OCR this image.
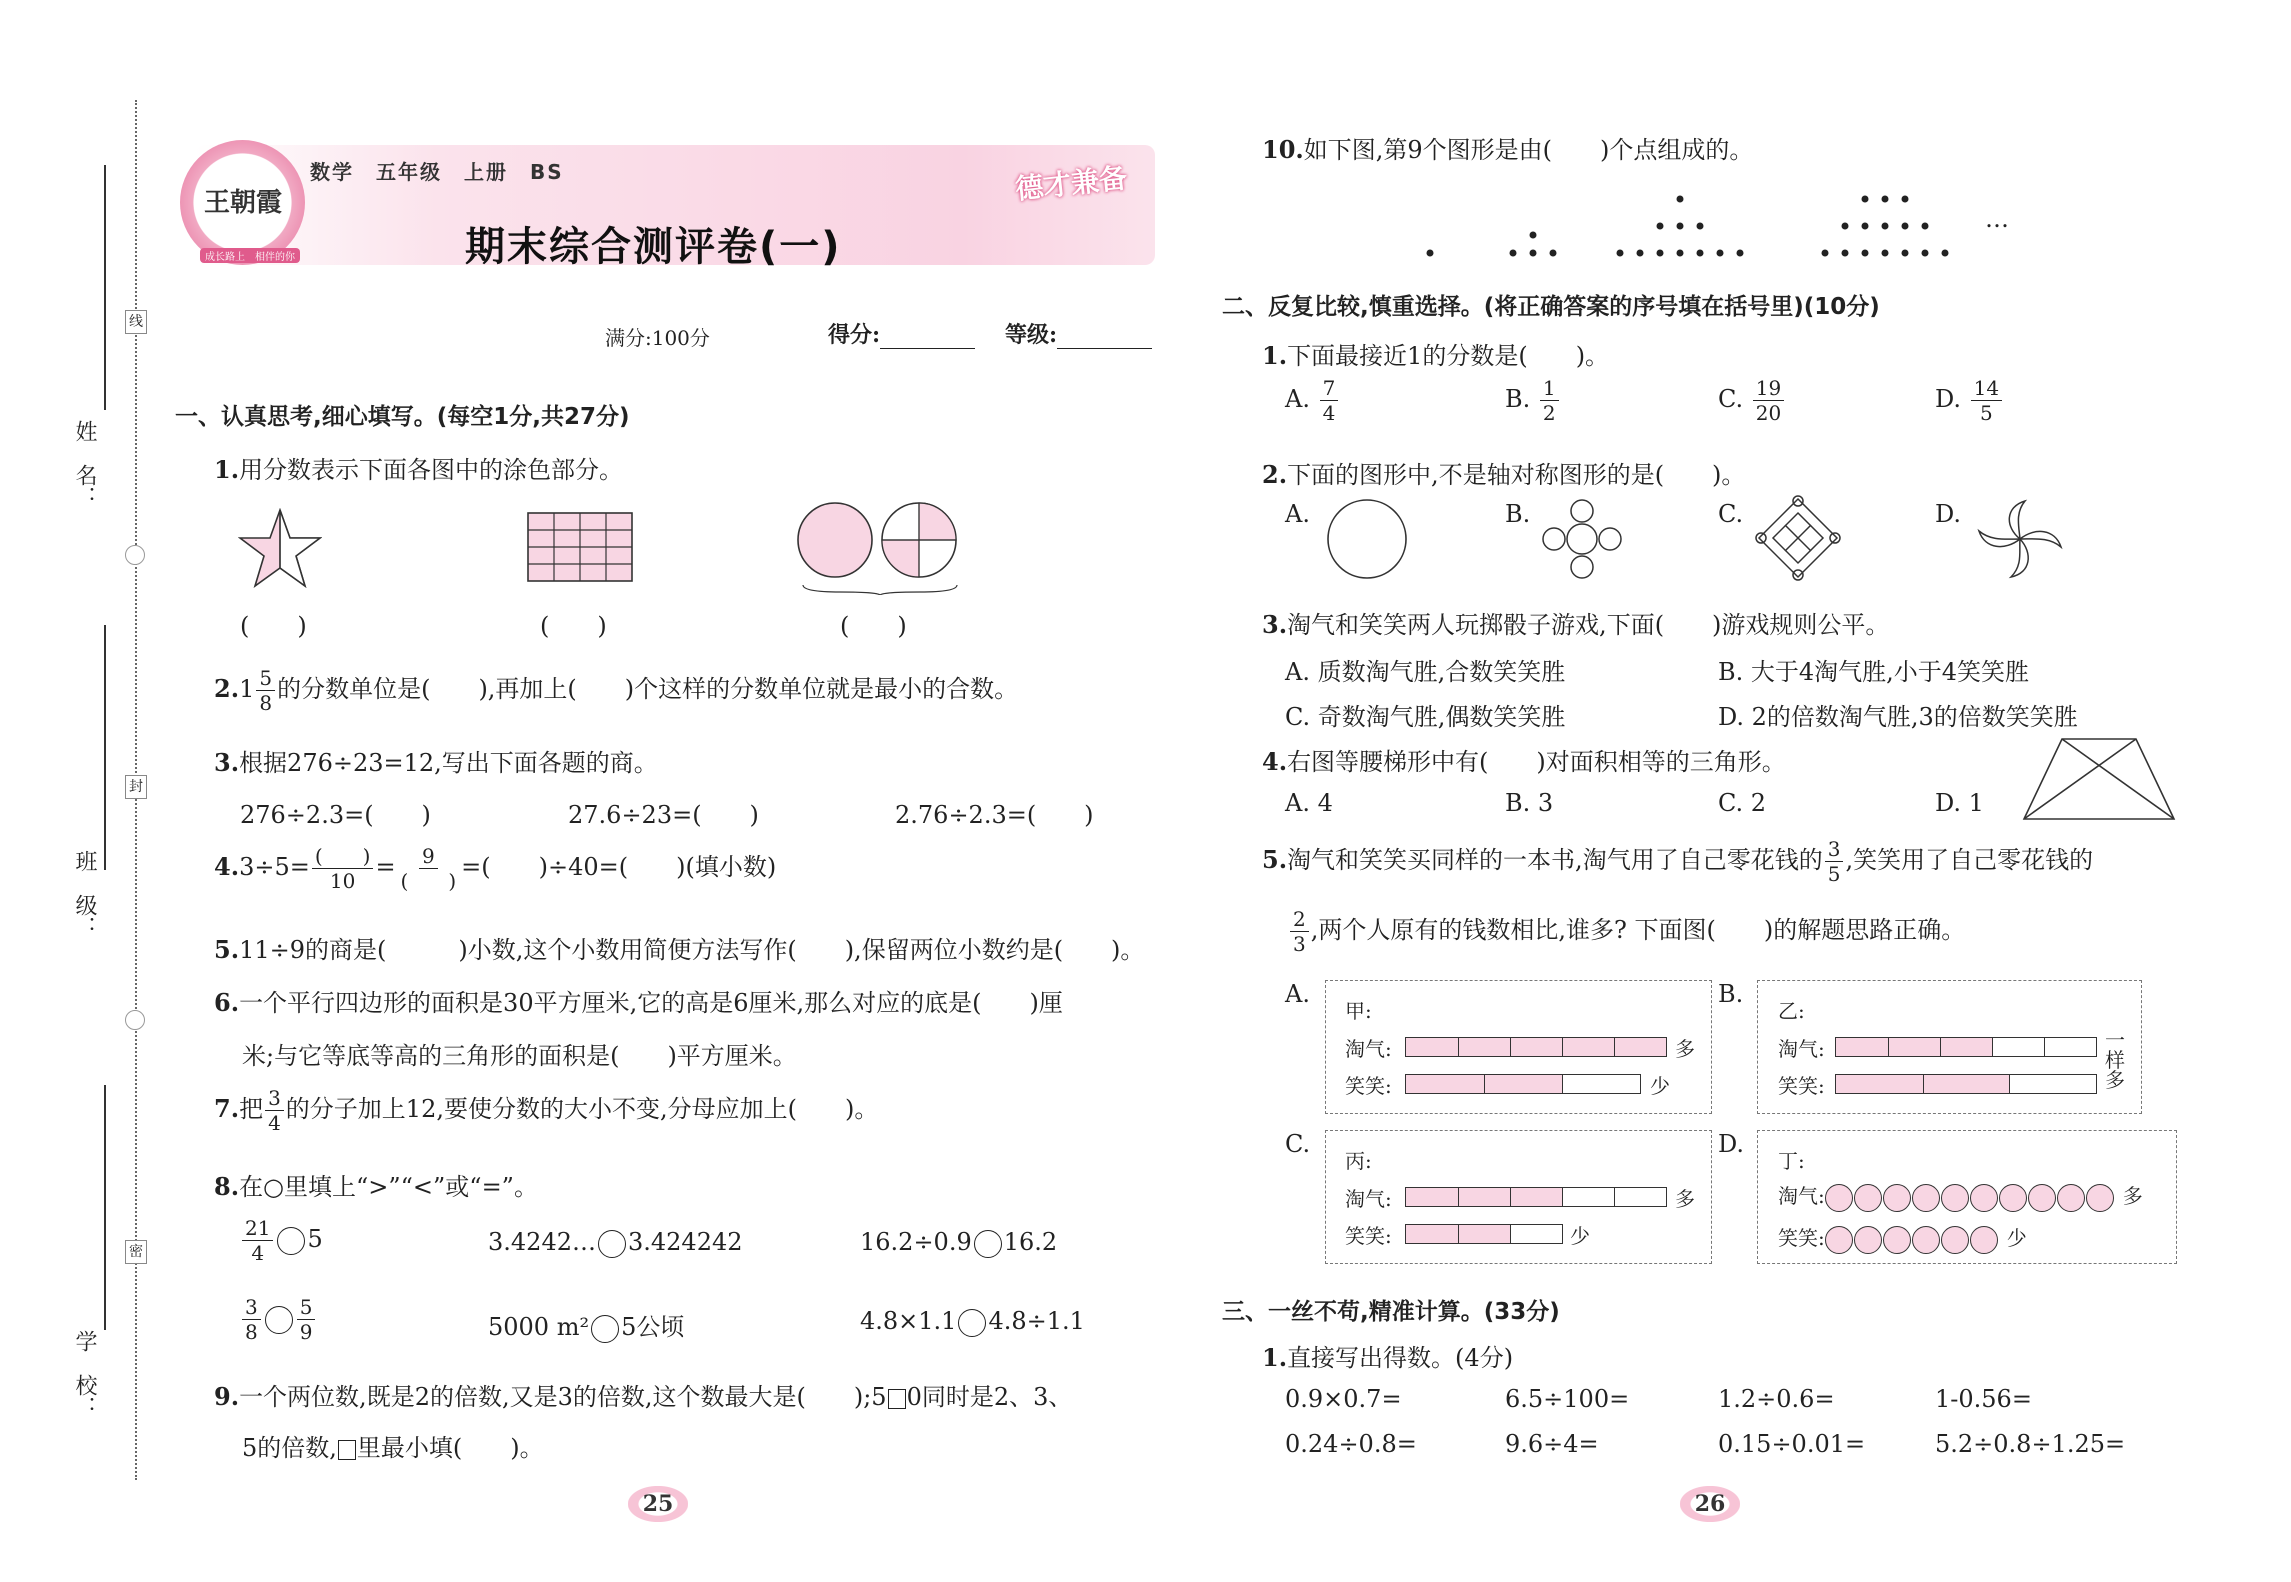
姓　名：
班　级：
学　校：
线
封
密
王朝霞
成长路上　相伴的你
数学　五年级　上册　BS
期末综合测评卷(一)
德才兼备
满分:100分	得分:	等级:
一、认真思考,细心填写。(每空1分,共27分)
1.用分数表示下面各图中的涂色部分。
(　　)	(　　)	(　　)
$2.1 \frac{5}{8}$ 的分数单位是(　　),再加上(　　)个这样的分数单位就是最小的合数。
3.根据276÷23=12,写出下面各题的商。
276÷2.3=(　　)	27.6÷23=(　　)	2.76÷2.3=(　　)
$4.3\div 5= \frac{( )}{10} = \frac{9}{( )}$ =(　　)÷40=(　　)(填小数)
5.11÷9的商是(　　　)小数,这个小数用简便方法写作(　　),保留两位小数约是(　　)。
6.一个平行四边形的面积是30平方厘米,它的高是6厘米,那么对应的底是(　　)厘
米;与它等底等高的三角形的面积是(　　)平方厘米。
7.把 $\frac{3}{4}$ 的分子加上12,要使分数的大小不变,分母应加上(　　)。
8.在○里填上“>”“<”或“=”。
$\frac{21}{4} 5$	3.4242… 3.424242	16.2÷0.9 16.2
$\frac{3}{8} \frac{5}{9}$	5000 m² 5公顷	4.8×1.1 4.8÷1.1
9.一个两位数,既是2的倍数,又是3的倍数,这个数最大是(　　);5 0同时是2、3、
5的倍数, 里最小填(　　)。
25
10.如下图,第9个图形是由(　　)个点组成的。
…
二、反复比较,慎重选择。(将正确答案的序号填在括号里)(10分)
1.下面最接近1的分数是(　　)。
A. $\frac{7}{4}$	B. $\frac{1}{2}$	C. $\frac{19}{20}$	D. $\frac{14}{5}$
2.下面的图形中,不是轴对称图形的是(　　)。
A.	B.	C.	D.
3.淘气和笑笑两人玩掷骰子游戏,下面(　　)游戏规则公平。
A. 质数淘气胜,合数笑笑胜	B. 大于4淘气胜,小于4笑笑胜
C. 奇数淘气胜,偶数笑笑胜	D. 2的倍数淘气胜,3的倍数笑笑胜
4.右图等腰梯形中有(　　)对面积相等的三角形。
A. 4	B. 3	C. 2	D. 1
5.淘气和笑笑买同样的一本书,淘气用了自己零花钱的 $\frac{3}{5}$ ,笑笑用了自己零花钱的
$\frac{2}{3}$ ,两个人原有的钱数相比,谁多? 下面图(　　)的解题思路正确。
A.
甲:
淘气:	多
笑笑:	少
B.
乙:
淘气:
笑笑:
一样多
C.
丙:
淘气:	多
笑笑:	少
D.
丁:
淘气:	多
笑笑:	少
三、一丝不苟,精准计算。(33分)
1.直接写出得数。(4分)
0.9×0.7=	6.5÷100=	1.2÷0.6=	1-0.56=
0.24÷0.8=	9.6÷4=	0.15÷0.01=	5.2÷0.8÷1.25=
26
